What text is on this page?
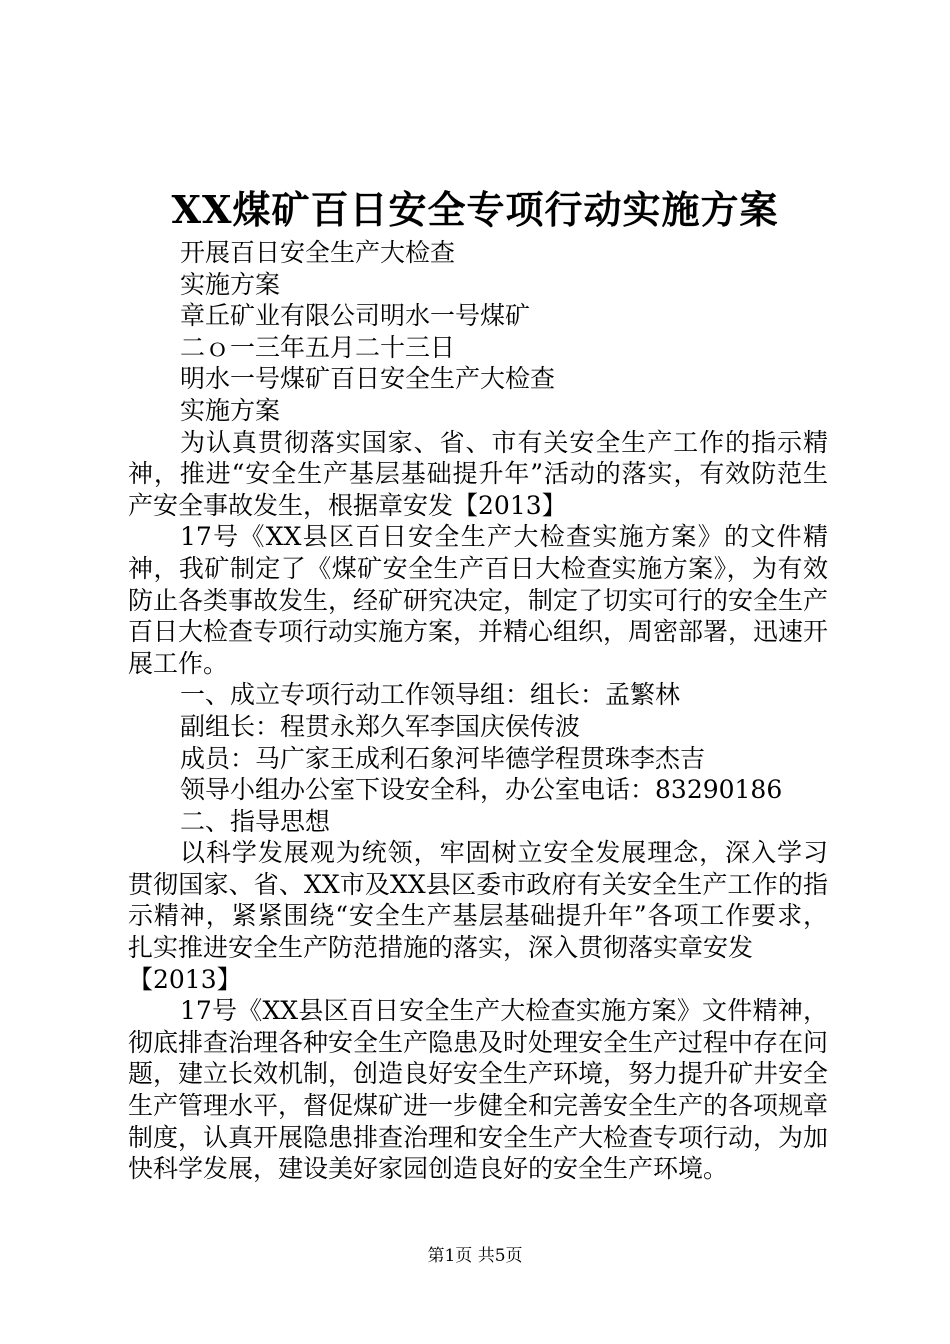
XX煤矿百日安全专项行动实施方案

开展百日安全生产大检查

实施方案

章丘矿业有限公司明水一号煤矿

二ｏ一三年五月二十三日

明水一号煤矿百日安全生产大检查

实施方案

为认真贯彻落实国家、省、市有关安全生产工作的指示精神，推进“安全生产基层基础提升年”活动的落实，有效防范生产安全事故发生，根据章安发【2013】

17号《XX县区百日安全生产大检查实施方案》的文件精神，我矿制定了《煤矿安全生产百日大检查实施方案》，为有效防止各类事故发生，经矿研究决定，制定了切实可行的安全生产百日大检查专项行动实施方案，并精心组织，周密部署，迅速开展工作。

一、成立专项行动工作领导组：组长：孟繁林

副组长：程贯永郑久军李国庆侯传波

成员：马广家王成利石象河毕德学程贯珠李杰吉

领导小组办公室下设安全科，办公室电话：83290186

二、指导思想

以科学发展观为统领，牢固树立安全发展理念，深入学习贯彻国家、省、XX市及XX县区委市政府有关安全生产工作的指示精神，紧紧围绕“安全生产基层基础提升年”各项工作要求，扎实推进安全生产防范措施的落实，深入贯彻落实章安发

【2013】

17号《XX县区百日安全生产大检查实施方案》文件精神，彻底排查治理各种安全生产隐患及时处理安全生产过程中存在问题，建立长效机制，创造良好安全生产环境，努力提升矿井安全生产管理水平，督促煤矿进一步健全和完善安全生产的各项规章制度，认真开展隐患排查治理和安全生产大检查专项行动，为加快科学发展，建设美好家园创造良好的安全生产环境。

第1页 共5页
